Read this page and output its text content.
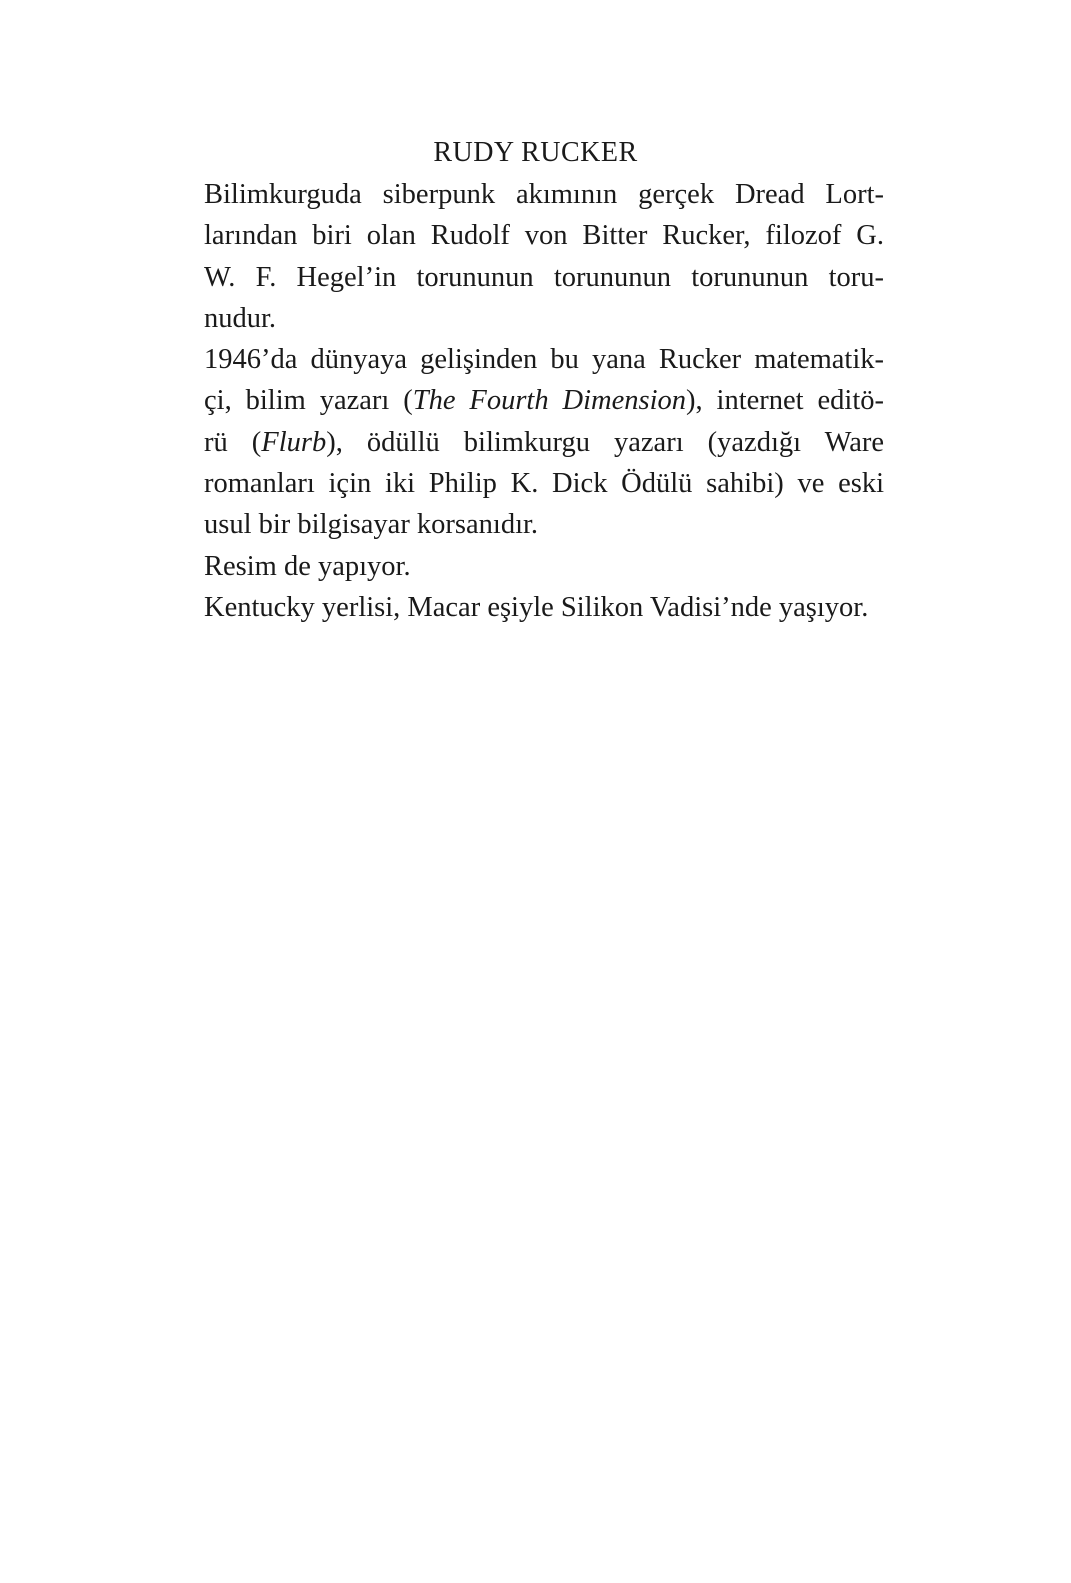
RUDY RUCKER
Bilimkurguda siberpunk akımının gerçek Dread Lort-
larından biri olan Rudolf von Bitter Rucker, filozof G.
W. F. Hegel’in torununun torununun torununun toru-
nudur.
1946’da dünyaya gelişinden bu yana Rucker matematik-
çi, bilim yazarı (The Fourth Dimension), internet editö-
rü (Flurb), ödüllü bilimkurgu yazarı (yazdığı Ware
romanları için iki Philip K. Dick Ödülü sahibi) ve eski
usul bir bilgisayar korsanıdır.
Resim de yapıyor.
Kentucky yerlisi, Macar eşiyle Silikon Vadisi’nde yaşıyor.
